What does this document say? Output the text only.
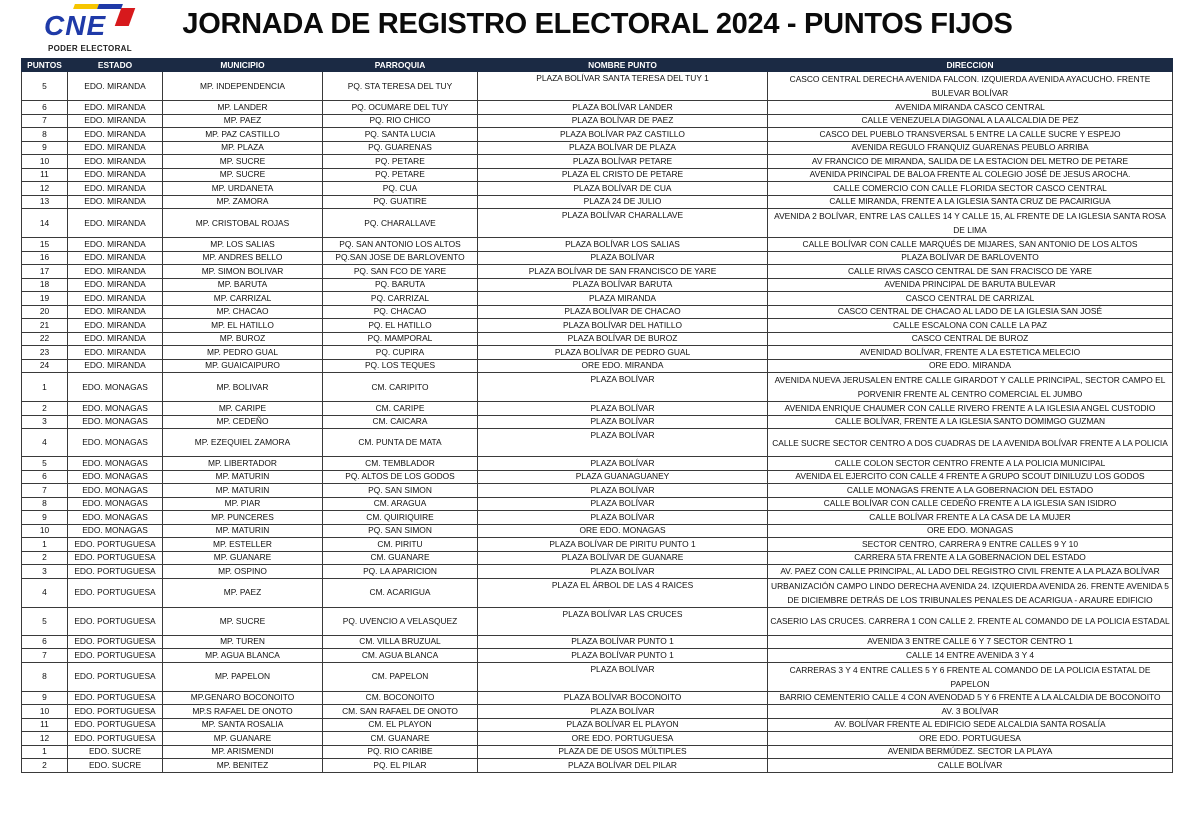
CNE
PODER ELECTORAL
JORNADA DE REGISTRO ELECTORAL 2024 - PUNTOS FIJOS
PUNTOS	ESTADO	MUNICIPIO	PARROQUIA	NOMBRE PUNTO	DIRECCION
5	EDO. MIRANDA	MP. INDEPENDENCIA	PQ. STA TERESA DEL TUY	PLAZA BOLÍVAR SANTA TERESA DEL TUY 1	CASCO CENTRAL DERECHA AVENIDA FALCON. IZQUIERDA AVENIDA AYACUCHO. FRENTE BULEVAR BOLÍVAR
6	EDO. MIRANDA	MP. LANDER	PQ. OCUMARE DEL TUY	PLAZA BOLÍVAR LANDER	AVENIDA MIRANDA CASCO CENTRAL
7	EDO. MIRANDA	MP. PAEZ	PQ. RIO CHICO	PLAZA BOLÍVAR DE PAEZ	CALLE VENEZUELA DIAGONAL A LA ALCALDIA DE PEZ
8	EDO. MIRANDA	MP. PAZ CASTILLO	PQ. SANTA LUCIA	PLAZA BOLÍVAR PAZ CASTILLO	CASCO DEL PUEBLO TRANSVERSAL 5 ENTRE LA CALLE SUCRE Y ESPEJO
9	EDO. MIRANDA	MP. PLAZA	PQ. GUARENAS	PLAZA BOLÍVAR DE PLAZA	AVENIDA REGULO FRANQUIZ GUARENAS PEUBLO ARRIBA
10	EDO. MIRANDA	MP. SUCRE	PQ. PETARE	PLAZA BOLÍVAR PETARE	AV FRANCICO DE MIRANDA, SALIDA DE LA ESTACION DEL METRO DE PETARE
11	EDO. MIRANDA	MP. SUCRE	PQ. PETARE	PLAZA EL CRISTO DE PETARE	AVENIDA PRINCIPAL DE BALOA FRENTE AL COLEGIO JOSÉ DE JESUS AROCHA.
12	EDO. MIRANDA	MP. URDANETA	PQ. CUA	PLAZA BOLÍVAR DE CUA	CALLE COMERCIO CON CALLE FLORIDA SECTOR CASCO CENTRAL
13	EDO. MIRANDA	MP. ZAMORA	PQ. GUATIRE	PLAZA 24 DE JULIO	CALLE MIRANDA, FRENTE A LA IGLESIA SANTA CRUZ DE PACAIRIGUA
14	EDO. MIRANDA	MP. CRISTOBAL ROJAS	PQ. CHARALLAVE	PLAZA BOLÍVAR CHARALLAVE	AVENIDA 2 BOLÍVAR, ENTRE LAS CALLES 14 Y CALLE 15, AL FRENTE DE LA IGLESIA SANTA ROSA DE LIMA
15	EDO. MIRANDA	MP. LOS SALIAS	PQ. SAN ANTONIO LOS ALTOS	PLAZA BOLÍVAR LOS SALIAS	CALLE BOLÍVAR CON CALLE MARQUÉS DE MIJARES, SAN ANTONIO DE LOS ALTOS
16	EDO. MIRANDA	MP. ANDRES BELLO	PQ.SAN JOSE DE BARLOVENTO	PLAZA BOLÍVAR	PLAZA BOLÍVAR DE BARLOVENTO
17	EDO. MIRANDA	MP. SIMON BOLIVAR	PQ. SAN FCO DE YARE	PLAZA BOLÍVAR DE SAN FRANCISCO DE YARE	CALLE RIVAS CASCO CENTRAL DE SAN FRACISCO DE YARE
18	EDO. MIRANDA	MP. BARUTA	PQ. BARUTA	PLAZA BOLÍVAR BARUTA	AVENIDA PRINCIPAL DE BARUTA BULEVAR
19	EDO. MIRANDA	MP. CARRIZAL	PQ. CARRIZAL	PLAZA MIRANDA	CASCO CENTRAL DE CARRIZAL
20	EDO. MIRANDA	MP. CHACAO	PQ. CHACAO	PLAZA BOLÍVAR DE CHACAO	CASCO CENTRAL DE CHACAO AL LADO DE LA IGLESIA SAN JOSÉ
21	EDO. MIRANDA	MP. EL HATILLO	PQ. EL HATILLO	PLAZA BOLÍVAR DEL HATILLO	CALLE ESCALONA CON CALLE LA PAZ
22	EDO. MIRANDA	MP. BUROZ	PQ. MAMPORAL	PLAZA BOLÍVAR DE BUROZ	CASCO CENTRAL DE BUROZ
23	EDO. MIRANDA	MP. PEDRO GUAL	PQ. CUPIRA	PLAZA BOLÍVAR DE PEDRO GUAL	AVENIDAD BOLÍVAR, FRENTE A LA ESTETICA MELECIO
24	EDO. MIRANDA	MP. GUAICAIPURO	PQ. LOS TEQUES	ORE EDO. MIRANDA	ORE EDO. MIRANDA
1	EDO. MONAGAS	MP. BOLIVAR	CM. CARIPITO	PLAZA BOLÍVAR	AVENIDA NUEVA JERUSALEN ENTRE CALLE GIRARDOT Y CALLE PRINCIPAL, SECTOR CAMPO EL PORVENIR FRENTE AL CENTRO COMERCIAL EL JUMBO
2	EDO. MONAGAS	MP. CARIPE	CM. CARIPE	PLAZA BOLÍVAR	AVENIDA ENRIQUE CHAUMER CON CALLE RIVERO FRENTE A LA IGLESIA ANGEL CUSTODIO
3	EDO. MONAGAS	MP. CEDEÑO	CM. CAICARA	PLAZA BOLÍVAR	CALLE BOLÍVAR, FRENTE A LA IGLESIA SANTO DOMIMGO GUZMAN
4	EDO. MONAGAS	MP. EZEQUIEL ZAMORA	CM. PUNTA DE MATA	PLAZA BOLÍVAR	CALLE SUCRE SECTOR CENTRO A DOS CUADRAS DE LA AVENIDA BOLÍVAR FRENTE A LA POLICIA
5	EDO. MONAGAS	MP. LIBERTADOR	CM. TEMBLADOR	PLAZA BOLÍVAR	CALLE COLON SECTOR CENTRO FRENTE A LA POLICIA MUNICIPAL
6	EDO. MONAGAS	MP. MATURIN	PQ. ALTOS DE LOS GODOS	PLAZA GUANAGUANEY	AVENIDA EL EJERCITO CON CALLE 4 FRENTE A GRUPO SCOUT DINILUZU LOS GODOS
7	EDO. MONAGAS	MP. MATURIN	PQ. SAN SIMON	PLAZA BOLÍVAR	CALLE MONAGAS FRENTE A LA GOBERNACION DEL ESTADO
8	EDO. MONAGAS	MP. PIAR	CM. ARAGUA	PLAZA BOLÍVAR	CALLE BOLÍVAR CON CALLE CEDEÑO FRENTE A LA IGLESIA SAN ISIDRO
9	EDO. MONAGAS	MP. PUNCERES	CM. QUIRIQUIRE	PLAZA BOLÍVAR	CALLE BOLÍVAR FRENTE A LA CASA DE LA MUJER
10	EDO. MONAGAS	MP. MATURIN	PQ. SAN SIMON	ORE EDO. MONAGAS	ORE EDO. MONAGAS
1	EDO. PORTUGUESA	MP. ESTELLER	CM. PIRITU	PLAZA BOLÍVAR DE PIRITU PUNTO 1	SECTOR CENTRO, CARRERA 9 ENTRE CALLES 9 Y 10
2	EDO. PORTUGUESA	MP. GUANARE	CM. GUANARE	PLAZA BOLÍVAR DE GUANARE	CARRERA 5TA FRENTE A LA GOBERNACION DEL ESTADO
3	EDO. PORTUGUESA	MP. OSPINO	PQ. LA APARICION	PLAZA BOLÍVAR	AV. PAEZ CON CALLE PRINCIPAL, AL LADO DEL REGISTRO CIVIL FRENTE A LA PLAZA BOLÍVAR
4	EDO. PORTUGUESA	MP. PAEZ	CM. ACARIGUA	PLAZA EL ÁRBOL DE LAS 4 RAICES	URBANIZACIÓN CAMPO LINDO DERECHA AVENIDA 24. IZQUIERDA AVENIDA 26. FRENTE AVENIDA 5 DE DICIEMBRE DETRÁS DE LOS TRIBUNALES PENALES DE ACARIGUA - ARAURE EDIFICIO
5	EDO. PORTUGUESA	MP. SUCRE	PQ. UVENCIO A VELASQUEZ	PLAZA BOLÍVAR LAS CRUCES	CASERIO LAS CRUCES. CARRERA 1 CON CALLE 2. FRENTE AL COMANDO DE LA POLICIA ESTADAL
6	EDO. PORTUGUESA	MP. TUREN	CM. VILLA BRUZUAL	PLAZA BOLÍVAR PUNTO 1	AVENIDA 3 ENTRE CALLE 6 Y 7 SECTOR CENTRO 1
7	EDO. PORTUGUESA	MP. AGUA BLANCA	CM. AGUA BLANCA	PLAZA BOLÍVAR PUNTO 1	CALLE 14 ENTRE AVENIDA 3 Y 4
8	EDO. PORTUGUESA	MP. PAPELON	CM. PAPELON	PLAZA BOLÍVAR	CARRERAS 3 Y 4 ENTRE CALLES 5 Y 6 FRENTE AL COMANDO DE LA POLICIA ESTATAL DE PAPELON
9	EDO. PORTUGUESA	MP.GENARO BOCONOITO	CM. BOCONOITO	PLAZA BOLÍVAR BOCONOITO	BARRIO CEMENTERIO CALLE 4 CON AVENODAD 5 Y 6 FRENTE A LA ALCALDIA DE BOCONOITO
10	EDO. PORTUGUESA	MP.S RAFAEL DE ONOTO	CM. SAN RAFAEL DE ONOTO	PLAZA BOLÍVAR	AV. 3 BOLÍVAR
11	EDO. PORTUGUESA	MP. SANTA ROSALIA	CM. EL PLAYON	PLAZA BOLÍVAR EL PLAYON	AV. BOLÍVAR FRENTE AL EDIFICIO SEDE ALCALDIA SANTA ROSALÍA
12	EDO. PORTUGUESA	MP. GUANARE	CM. GUANARE	ORE EDO. PORTUGUESA	ORE EDO. PORTUGUESA
1	EDO. SUCRE	MP. ARISMENDI	PQ. RIO CARIBE	PLAZA DE DE USOS MÚLTIPLES	AVENIDA BERMÚDEZ. SECTOR LA PLAYA
2	EDO. SUCRE	MP. BENITEZ	PQ. EL PILAR	PLAZA BOLÍVAR DEL PILAR	CALLE BOLÍVAR
